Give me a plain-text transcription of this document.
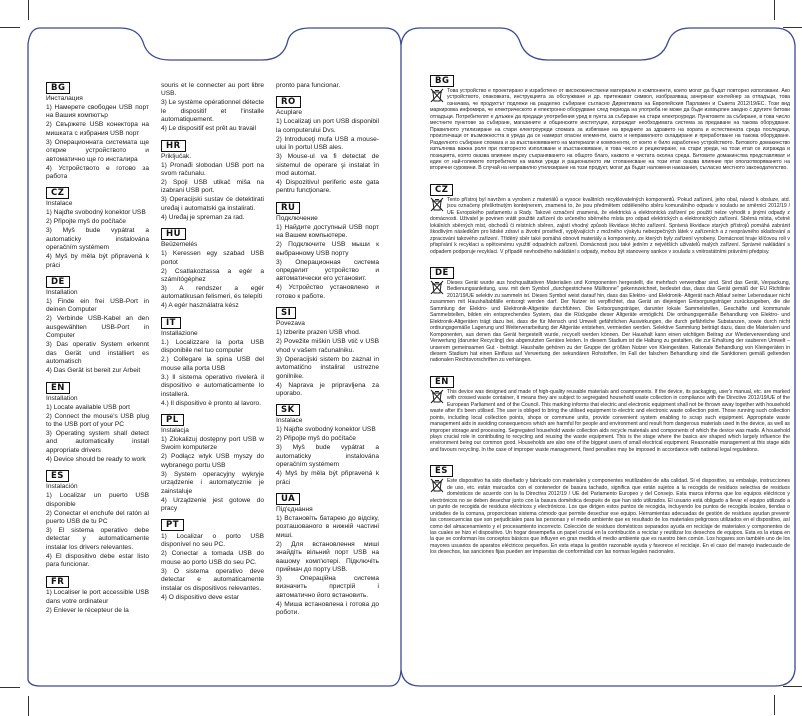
BG
Инсталация
1) Намерете свободен USB порт на Вашия компютър
2) Свържете USB конектора на мишката с избрания USB порт
3) Операционната системата ще открие устройството и автоматично ще го инсталира
4) Устройството е готово за работа
CZ
Instalace
1) Najďte svobodný konektor USB
2) Připojte myš do počítače
3) Myš bude vypátrat a automaticky instalována operačním systémem
4) Myš by měla být připravená k práci
DE
Installation
1) Finde ein frei USB-Port in deinen Computer
2) Verbinde USB-Kabel an den ausgewählten USB-Port in Computer
3) Das operativ System erkennt das Gerät und installiert es automatisch
4) Das Gerät ist bereit zur Arbeit
EN
Installation
1) Locate available USB port
2) Connect the mouse's USB plug to the USB port of your PC
3) Operating system shall detect and automatically install appropriate drivers
4) Device should be ready to work
ES
Instalación
1) Localizar un puerto USB disponible
2) Conectar el enchufe del ratón al puerto USB de tu PC
3) El sistema operativo debe detectar y automaticamente instalar los drivers relevantes.
4) El dispositivo debe estar listo para funcionar.
FR
1) Localiser le port accessible USB dans votre ordinateur
2) Enlever le récepteur de la
souris et le connecter au port libre USB.
3) Le système opérationnel détecte le dispositif et l'installe automatiquement.
4) Le dispositif est prêt au travail
HR
Priključak.
1) Pronađi slobodan USB port na svom računalu.
2) Spoji USB utikač miša na izabrani USB port.
3) Operacijski sustav će detektirati uređaj i automatski ga instalirati.
4) Uređaj je spreman za rad.
HU
Beüzemelés
1) Keressen egy szabad USB portot
2) Csatlakoztassa a egér a számítógéphez
3) A rendszer a egér automatikusan felismeri, és telepíti
4) A egér használatra kész
IT
Installazione
1.) Localizzare la porta USB disponibile nel tuo computer
2.) Collegare la spina USB del mouse alla porta USB
3.) Il sistema operativo rivelerà il dispositivo e automaticamente lo installerà.
4.) Il dispositivo è pronto al lavoro.
PL
Instalacja
1) Zlokalizuj dostępny port USB w Swoim komputerze
2) Podłącz wtyk USB myszy do wybranego portu USB
3) System operacyjny wykryje urządzenie i automatycznie je zainstaluje
4) Urządzenie jest gotowe do pracy
PT
1) Localizar o porto USB disponível no seu PC.
2) Conectar a tomada USB do mouse ao porto USB do seu PC.
3) O sistema operativo deve detectar e automaticamente instalar os dispositivos relevantes.
4) O dispositivo deve estar
pronto para funcionar.
RO
Acuplare
1) Localizaţi un port USB disponibil la computerului Dvs.
2) Introduceţi mufa USB a mouse-ului în portul USB ales.
3) Mouse-ul va fi detectat de sistemul de operare şi instalat în mod automat.
4) Dispozitivul periferic este gata pentru funcţionare.
RU
Подключение
1) Найдите доступный USB порт на Вашем компьютере.
2) Подключите USB мыши к выбранному USB порту
3) Операционная система определит устройство и автоматически его установит.
4) Устройство установлено и готово к работе.
SI
Povezava
1) Izberite prazen USB vhod.
2) Povežite miškin USB vtič v USB vhod v vašem računalniku.
3) Operacijski sistem bo zaznal in avtomatično instaliral ustrezne gonilnike.
4) Naprava je pripravljena za uporabo.
SK
Instalace
1) Najďte svobodný konektor USB
2) Připojte myš do počítače
3) Myš bude vypátrat a automaticky instalována operačním systémem
4) Myš by měla být připravená k práci
UA
Під'єднання
1) Встановіть батарею до відсіку, розташованого в нижній частині миші.
2) Для встановлення миші знайдіть вільний порт USB на вашому комп'ютері. Підключіть приймач до порту USB.
3) Операційна система визначить пристрій і автоматично його встановить.
4) Миша встановлена і готова до роботи.
BG
Това устройство е проектирано и изработено от висококачествени материали и компоненти, които могат да бъдат повторно използвани. Ако устройството, опаковката, инструкцията за обслужване и др. притежават символ, изобразяващ зачеркнат контейнер за отпадъци, това означава, че продуктът подлежи на разделно събиране съгласно Директивата на Европейския Парламен и Съвета 2012/19/ЕС. Този вид маркировка инфомира, че електрическото и електронно оборудване след периода на употреба не може да бъде изхвърлен заедно с другите битови отпадъци. Потребителят е длъжен да предади употребения уред в пунтa за събиране на стари електроуреди. Пунктовете за събиране, в това число местните пунктове за събиране, магазините и общинските институции, изграждат необходимата система за предаване на такова оборудване. Правилното утилизиране на стари електроуреди спомага за избягване на вредните за здравето на хората и естествената среда последици, произтичащи от възможността в уреда да се намират опасни елементи, както и неправилното складиране и преработване на такова оборудване. Разделното събиране спомага и за възстановяването на материали и компоненти, от които е било изработено устройството. Битовото домакинство изпълнява важна роля при повторното използване и възстановяване, в това число и рециклиране, на стари уреди, на този етап се изгражда и позицията, която оказва влияние върху съхраняването на общото благо, каквото е чистата околна среда. Битовите домакинства представляват и един от най-големите потребители на малки уреди и рационалното им стопанисване на този етап оказва влияние при оползотворяването на вторични суровини. В случай на неправилно утилизиране на този продукт, могат да бъдат наложени наказания, съгласно местното законодателство.
CZ
Tento přístroj byl navržen a vyroben z materiálů a vysoce kvalitních recyklovatelných komponentů. Pokud zařízení, jeho obal, návod k obsluze, atd. jsou označeny přeškrtnutým kontejnerem, znamená to, že jsou předmětem odděleného sběru komunálního odpadu v souladu se směrnicí 2012/19 / UE Evropského parlamentu a Rady. Takové označení znamená, že elektrická a elektronická zařízení po použití nelze vyhodit s jinými odpady z domácnosti. Uživatel je povinen vrátit použité zařízení do určeného sběrného místa pro odpad elektrických a elektronických zařízení. Sběrná místa, včetně lokálních sběrných míst, obchodů či místních sběren, zajistí vhodný způsob likvidace těchto zařízení. Správná likvidace starých přístrojů pomáhá zabránit škodlivým následkům pro lidské zdraví a životní prostředí, vyplývajících z možného výskytu nebezpečných látek v zařízeních a z nesprávného skladování a zpracování takového zařízení. Tříděný sběr také pomáhá obnovit materiály a komponenty, ze kterých byly zařízení vyrobeny. Domácnost hraje klíčovou roli v přispívání k recyklaci a opětovnému využití odpadních zařízení. Domácnosti jsou také jedním z největších uživatelů malých zařízení. Správné nakládání s odpadem podporuje recyklaci. V případě nevhodného nakládání s odpady, mohou být stanoveny sankce v souladu s vnitrostátními právními předpisy.
DE
Dieses Gerät wurde aus hochqualitativen Materialien und Komponenten hergestellt, die mehrfach verwendbar sind. Sind das Gerät, Verpackung, Bedienungsanleitung, usw. mit dem Symbol „durchgestrichene Mülltonne" gekennzeichnet, bedeutet das, dass das Gerät gemäß der EU Richtlinie 2012/19/UE selektiv zu sammeln ist. Dieses Symbol weist darauf hin, dass das Elektro- und Elektronik- Altgerät nach Ablauf seiner Lebensdauer nicht zusammen mit Haushaltabfälle entsorgt werden darf. Der Nutzer ist verpflichtet, das Gerät an diejenigen Entsorgungsträger zurückzugeben, die die Sammlung der Elektro- und Elektronik-Altgeräte durchführen. Die Entsorgungsträger, darunter lokale Sammelstellen, Geschäfte und kommunale Sammelstellen, bilden ein entsprechendes System, das die Rückgabe dieser Altgeräte ermöglicht. Die ordnungsgemäße Behandlung von Elektro- und Elektronik-Altgeräten trägt dazu bei, dass die für Mensch und Umwelt gefährlichen Auswirkungen, die durch gefährliche Substanzen, sowie durch nicht ordnungsgemäße Lagerung und Weiterverarbeitung der Altgeräte entstehen, vermieden werden. Selektive Sammlung beiträgt dazu, dass die Materialen und Komponenten, aus denen das Gerät hergestellt wurde, recycelt werden können. Der Haushalt kann einen wichtigen Beitrag zur Wiederverwendung und Verwertung (darunter Recycling) des abgenutzten Gerätes leisten. In diesem Stadium ist die Haltung zu gestalten, die zur Erhaltung der sauberen Umwelt – unserem gemeinsamen Gut - beiträgt. Haushalte gehören zu der Gruppe der größten Nutzer von Kleingeräten. Rationale Behandlung von Kleingeräten in diesem Stadium hat einen Einfluss auf Verwertung der sekundären Rohstoffen. Im Fall der falschen Behandlung sind die Sanktionen gemäß geltenden nationalen Rechtsvorschriften zu verhängen.
EN
This device was designed and made of high-quality reusable materials and coamponents. If the device, its packaging, user's manual, etc. are marked with crossed waste container, it means they are subject to segregated household waste collection in compliance with the Directive 2012/19/UE of the European Parliament and of the Council. This marking informs that electric and electronic equipment shall not be thrown away together with household waste after it's been utilised. The user is obliged to bring the utilised equipment to electric and electronic waste collection point. Those running such collection points, including local collection points, shops or commune units, provide convenient system enabling to scrap such equipment. Appropriate waste management aids in avoiding consequences which are harmful for people and environment and result from dangerous materials used in the device, as well as improper storage and processing. Segregated household waste collection aids recycle materials and components of which the device was made. A household plays crucial role in contributing to recycling and reusing the waste equipment. This is the stage where the basics are shaped which largely influence the environment being our common good. Households are also one of the biggest users of small electrical equipment. Reasonable management at this stage aids and favours recycling. In the case of improper waste management, fixed penalties may be imposed in accordance with national legal regulations.
ES
Este dispositivo ha sido diseñado y fabricado con materiales y componentes reutilizables de alta calidad. Si el dispositivo, su embalaje, instrucciones de uso, etc. están marcados con el contenedor de basura tachado, significa que están sujetos a la recogida de residuos selectiva de residuos domésticos de acuerdo con la la Directiva 2012/19 / UE del Parlamento Europeo y del Consejo. Esta marca informa que los equipos eléctricos y electrónicos no se deben desechar junto con la basura doméstica después de que han sido utilizados. El usuario está obligado a llevar el equipo utilizado a un punto de recogida de residuos eléctricos y electrónicos. Los que dirigen estos puntos de recogida, incluyendo los puntos de recogida locales, tiendas o unidades de la comuna, proporcionan sistema cómodo que permite desechar ese equipo. Herramientas adecuadas de gestión de residuos ayudan prevenir las consecuencias que son perjudiciales para las personas y el medio ambiente que es resultado de los materiales peligrosos utilizados en el dispositivo, así como del almacenamiento y el procesamiento incorrecto. Colección de residuos domésticos separados ayuda en reciclaje de materiales y componentes de las cuales se hizo el dispositivo. Un hogar desempeña un papel crucial en la contribución a reciclar y reutilizar los desechos de equipos. Esta es la etapa en la que se conforman los conceptos básicos que influyen en gran medida el medio ambiente que es nuestro bien común. Los hogares son también uno de los mayores usuarios de aparatos eléctricos pequeños. En esta etapa la gestión razonable ayuda y favorece el reciclaje. En el caso del manejo inadecuado de los desechos, las sanciones fijas pueden ser impuestas de conformidad con las normas legales nacionales.
